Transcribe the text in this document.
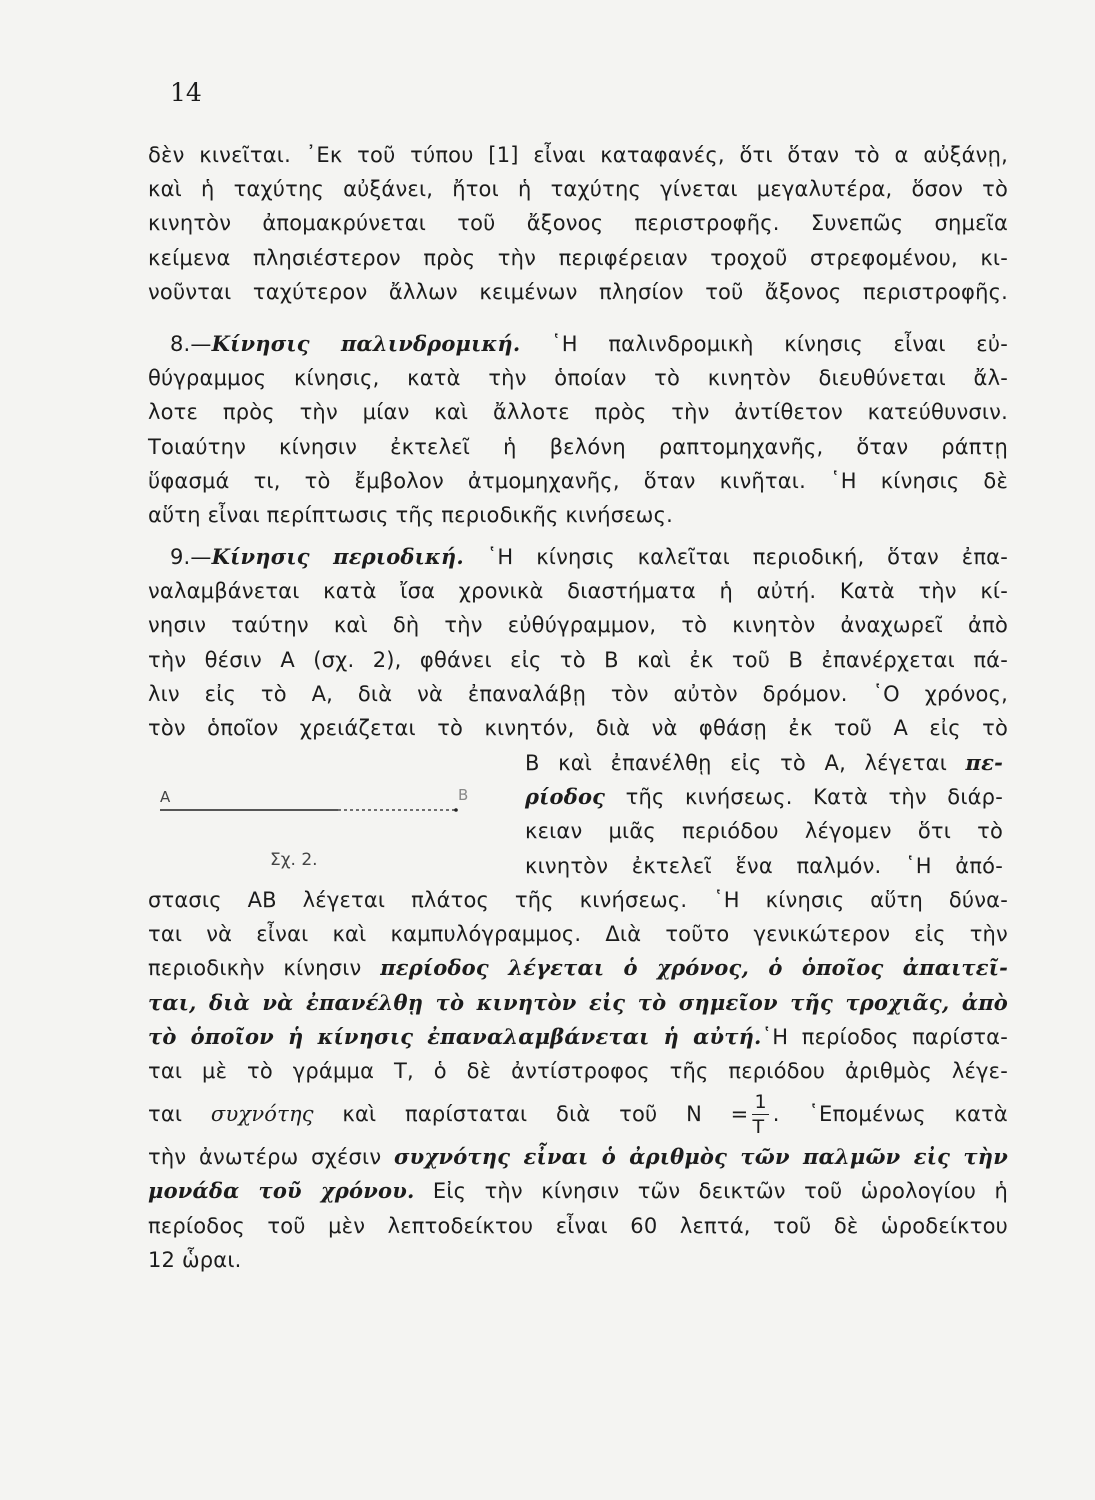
14
δὲν κινεῖται. ᾿Εκ τοῦ τύπου [1] εἶναι καταφανές, ὅτι ὅταν τὸ α αὐξάνῃ,
καὶ ἡ ταχύτης αὐξάνει, ἤτοι ἡ ταχύτης γίνεται μεγαλυτέρα, ὅσον τὸ
κινητὸν ἀπομακρύνεται τοῦ ἄξονος περιστροφῆς. Συνεπῶς σημεῖα
κείμενα πλησιέστερον πρὸς τὴν περιφέρειαν τροχοῦ στρεφομένου, κι-
νοῦνται ταχύτερον ἄλλων κειμένων πλησίον τοῦ ἄξονος περιστροφῆς.
8.—Κίνησις παλινδρομική. ῾Η παλινδρομικὴ κίνησις εἶναι εὐ-
θύγραμμος κίνησις, κατὰ τὴν ὁποίαν τὸ κινητὸν διευθύνεται ἄλ-
λοτε πρὸς τὴν μίαν καὶ ἄλλοτε πρὸς τὴν ἀντίθετον κατεύθυνσιν.
Τοιαύτην κίνησιν ἐκτελεῖ ἡ βελόνη ραπτομηχανῆς, ὅταν ράπτῃ
ὕφασμά τι, τὸ ἔμβολον ἀτμομηχανῆς, ὅταν κινῆται. ῾Η κίνησις δὲ
αὕτη εἶναι περίπτωσις τῆς περιοδικῆς κινήσεως.
9.—Κίνησις περιοδική. ῾Η κίνησις καλεῖται περιοδική, ὅταν ἐπα-
ναλαμβάνεται κατὰ ἴσα χρονικὰ διαστήματα ἡ αὐτή. Κατὰ τὴν κί-
νησιν ταύτην καὶ δὴ τὴν εὐθύγραμμον, τὸ κινητὸν ἀναχωρεῖ ἀπὸ
τὴν θέσιν Α (σχ. 2), φθάνει εἰς τὸ Β καὶ ἐκ τοῦ Β ἐπανέρχεται πά-
λιν εἰς τὸ Α, διὰ νὰ ἐπαναλάβῃ τὸν αὐτὸν δρόμον. ῾Ο χρόνος,
τὸν ὁποῖον χρειάζεται τὸ κινητόν, διὰ νὰ φθάσῃ ἐκ τοῦ Α εἰς τὸ
Β καὶ ἐπανέλθῃ εἰς τὸ Α, λέγεται πε-
ρίοδος τῆς κινήσεως. Κατὰ τὴν διάρ-
κειαν μιᾶς περιόδου λέγομεν ὅτι τὸ
κινητὸν ἐκτελεῖ ἕνα παλμόν. ῾Η ἀπό-
Α	Β
Σχ. 2.
στασις ΑΒ λέγεται πλάτος τῆς κινήσεως. ῾Η κίνησις αὕτη δύνα-
ται νὰ εἶναι καὶ καμπυλόγραμμος. Διὰ τοῦτο γενικώτερον εἰς τὴν
περιοδικὴν κίνησιν περίοδος λέγεται ὁ χρόνος, ὁ ὁποῖος ἀπαιτεῖ-
ται, διὰ νὰ ἐπανέλθῃ τὸ κινητὸν εἰς τὸ σημεῖον τῆς τροχιᾶς, ἀπὸ
τὸ ὁποῖον ἡ κίνησις ἐπαναλαμβάνεται ἡ αὐτή.῾Η περίοδος παρίστα-
ται μὲ τὸ γράμμα Τ, ὁ δὲ ἀντίστροφος τῆς περιόδου ἀριθμὸς λέγε-
ται συχνότης καὶ παρίσταται διὰ τοῦ $N = \frac{1}{T}$ . ῾Επομένως κατὰ
τὴν ἀνωτέρω σχέσιν συχνότης εἶναι ὁ ἀριθμὸς τῶν παλμῶν εἰς τὴν
μονάδα τοῦ χρόνου. Εἰς τὴν κίνησιν τῶν δεικτῶν τοῦ ὡρολογίου ἡ
περίοδος τοῦ μὲν λεπτοδείκτου εἶναι 60 λεπτά, τοῦ δὲ ὡροδείκτου
12 ὧραι.
